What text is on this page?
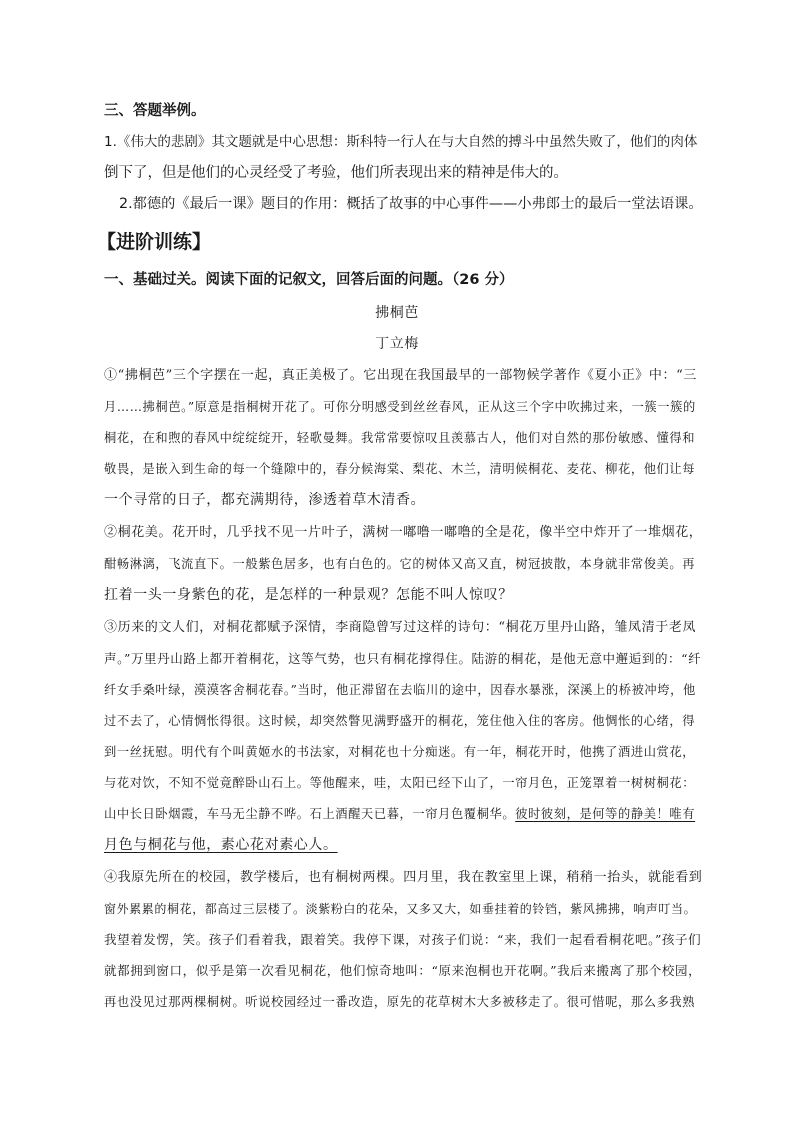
三、答题举例。
1.《伟大的悲剧》其文题就是中心思想：斯科特一行人在与大自然的搏斗中虽然失败了，他们的肉体
倒下了，但是他们的心灵经受了考验，他们所表现出来的精神是伟大的。
2.都德的《最后一课》题目的作用：概括了故事的中心事件——小弗郎士的最后一堂法语课。
【进阶训练】
一、基础过关。阅读下面的记叙文，回答后面的问题。（26 分）
拂桐芭
丁立梅
①“拂桐芭”三个字摆在一起，真正美极了。它出现在我国最早的一部物候学著作《夏小正》中：“三
月……拂桐芭。”原意是指桐树开花了。可你分明感受到丝丝春风，正从这三个字中吹拂过来，一簇一簇的
桐花，在和煦的春风中绽绽绽开，轻歌曼舞。我常常要惊叹且羡慕古人，他们对自然的那份敏感、懂得和
敬畏，是嵌入到生命的每一个缝隙中的，春分候海棠、梨花、木兰，清明候桐花、麦花、柳花，他们让每
一个寻常的日子，都充满期待，渗透着草木清香。
②桐花美。花开时，几乎找不见一片叶子，满树一嘟噜一嘟噜的全是花，像半空中炸开了一堆烟花，
酣畅淋漓，飞流直下。一般紫色居多，也有白色的。它的树体又高又直，树冠披散，本身就非常俊美。再
扛着一头一身紫色的花，是怎样的一种景观？怎能不叫人惊叹？
③历来的文人们，对桐花都赋予深情，李商隐曾写过这样的诗句：“桐花万里丹山路，雏凤清于老凤
声。”万里丹山路上都开着桐花，这等气势，也只有桐花撑得住。陆游的桐花，是他无意中邂逅到的：“纤
纤女手桑叶绿，漠漠客舍桐花春。”当时，他正滞留在去临川的途中，因春水暴涨，深溪上的桥被冲垮，他
过不去了，心情惆怅得很。这时候，却突然瞥见满野盛开的桐花，笼住他入住的客房。他惆怅的心绪，得
到一丝抚慰。明代有个叫黄姬水的书法家，对桐花也十分痴迷。有一年，桐花开时，他携了酒进山赏花，
与花对饮，不知不觉竟醉卧山石上。等他醒来，哇，太阳已经下山了，一帘月色，正笼罩着一树树桐花：
山中长日卧烟霞，车马无尘静不哗。石上酒醒天已暮，一帘月色覆桐华。彼时彼刻，是何等的静美！唯有
月色与桐花与他，素心花对素心人。
④我原先所在的校园，教学楼后，也有桐树两棵。四月里，我在教室里上课，稍稍一抬头，就能看到
窗外累累的桐花，都高过三层楼了。淡紫粉白的花朵，又多又大，如垂挂着的铃铛，紫风拂拂，响声叮当。
我望着发愣，笑。孩子们看着我，跟着笑。我停下课，对孩子们说：“来，我们一起看看桐花吧。”孩子们
就都拥到窗口，似乎是第一次看见桐花，他们惊奇地叫：“原来泡桐也开花啊。”我后来搬离了那个校园，
再也没见过那两棵桐树。听说校园经过一番改造，原先的花草树木大多被移走了。很可惜呢，那么多我熟
